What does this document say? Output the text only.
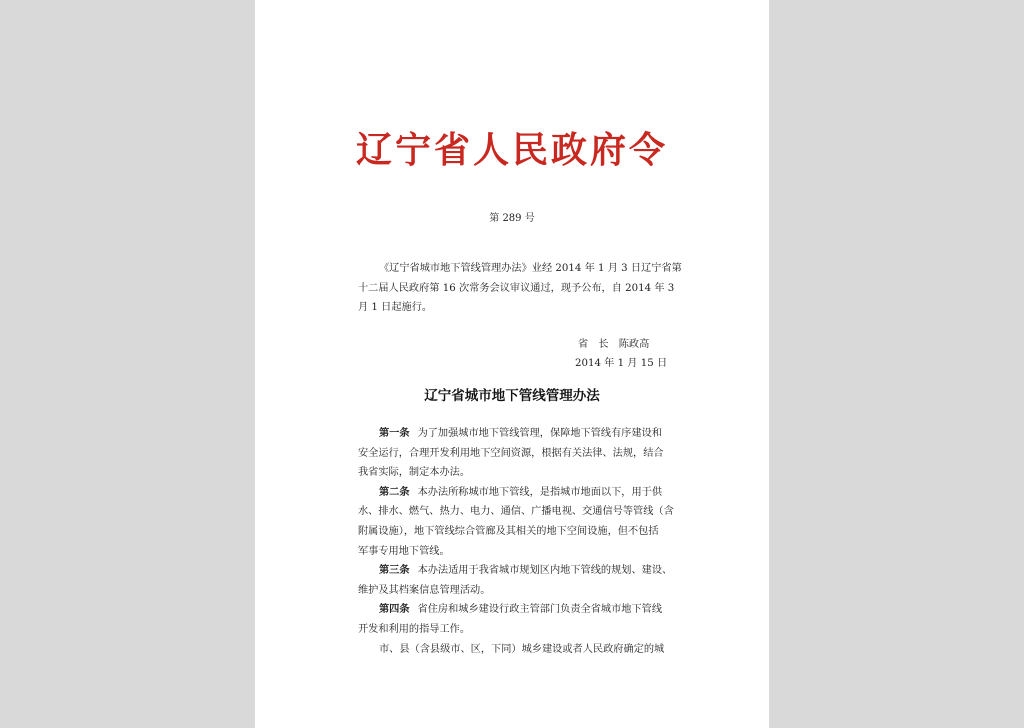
辽宁省人民政府令
第 289 号
《辽宁省城市地下管线管理办法》业经 2014 年 1 月 3 日辽宁省第
十二届人民政府第 16 次常务会议审议通过，现予公布，自 2014 年 3
月 1 日起施行。
省　长　陈政高
2014 年 1 月 15 日
辽宁省城市地下管线管理办法
第一条 为了加强城市地下管线管理，保障地下管线有序建设和
安全运行，合理开发利用地下空间资源，根据有关法律、法规，结合
我省实际，制定本办法。
第二条 本办法所称城市地下管线，是指城市地面以下，用于供
水、排水、燃气、热力、电力、通信、广播电视、交通信号等管线（含
附属设施），地下管线综合管廊及其相关的地下空间设施，但不包括
军事专用地下管线。
第三条 本办法适用于我省城市规划区内地下管线的规划、建设、
维护及其档案信息管理活动。
第四条 省住房和城乡建设行政主管部门负责全省城市地下管线
开发和利用的指导工作。
市、县（含县级市、区，下同）城乡建设或者人民政府确定的城
